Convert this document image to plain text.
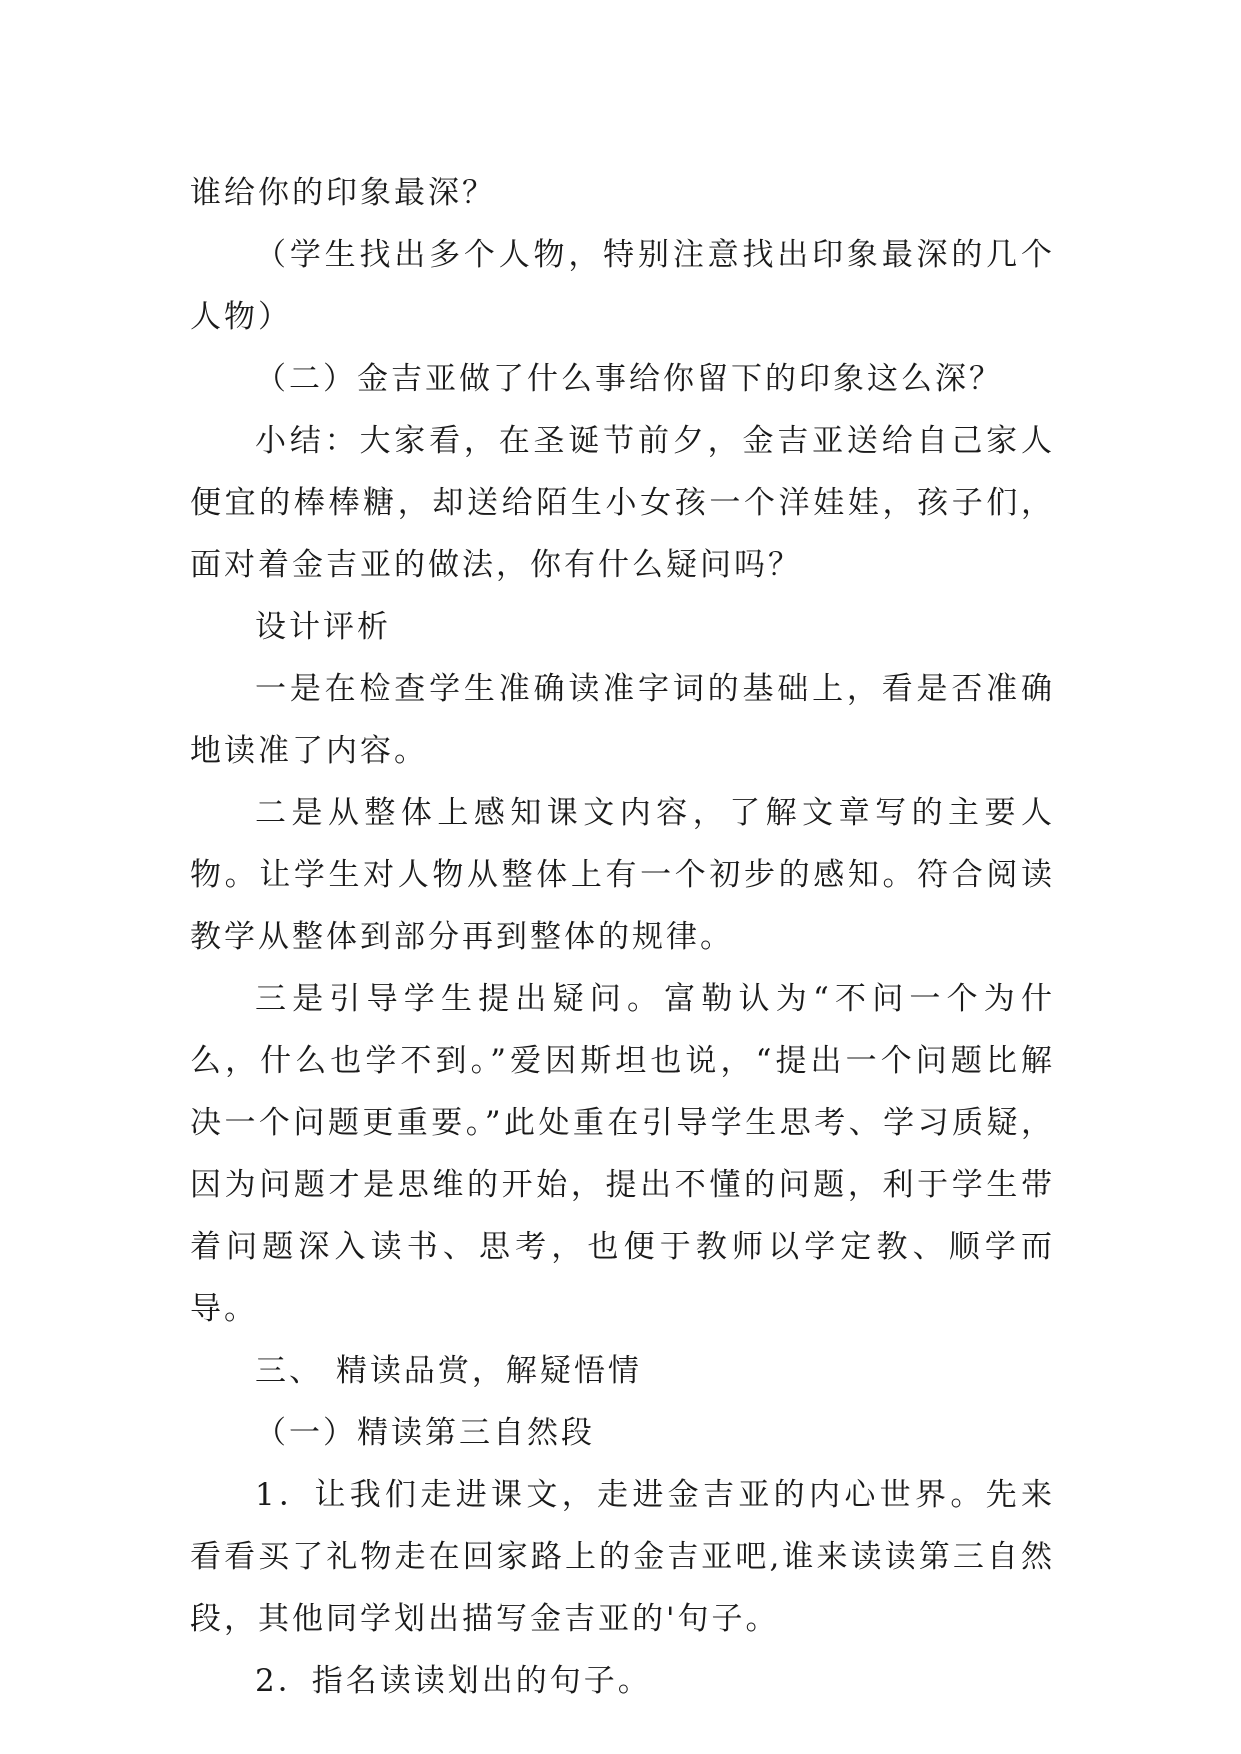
谁给你的印象最深？

（学生找出多个人物，特别注意找出印象最深的几个人物）

（二）金吉亚做了什么事给你留下的印象这么深？

小结：大家看，在圣诞节前夕，金吉亚送给自己家人便宜的棒棒糖，却送给陌生小女孩一个洋娃娃，孩子们，面对着金吉亚的做法，你有什么疑问吗？

设计评析

一是在检查学生准确读准字词的基础上，看是否准确地读准了内容。

二是从整体上感知课文内容，了解文章写的主要人物。让学生对人物从整体上有一个初步的感知。符合阅读教学从整体到部分再到整体的规律。

三是引导学生提出疑问。富勒认为“不问一个为什么，什么也学不到。”爱因斯坦也说，“提出一个问题比解决一个问题更重要。”此处重在引导学生思考、学习质疑，因为问题才是思维的开始，提出不懂的问题，利于学生带着问题深入读书、思考，也便于教师以学定教、顺学而导。

三、 精读品赏，解疑悟情

（一）精读第三自然段

1．让我们走进课文，走进金吉亚的内心世界。先来看看买了礼物走在回家路上的金吉亚吧,谁来读读第三自然段，其他同学划出描写金吉亚的'句子。

2．指名读读划出的句子。
